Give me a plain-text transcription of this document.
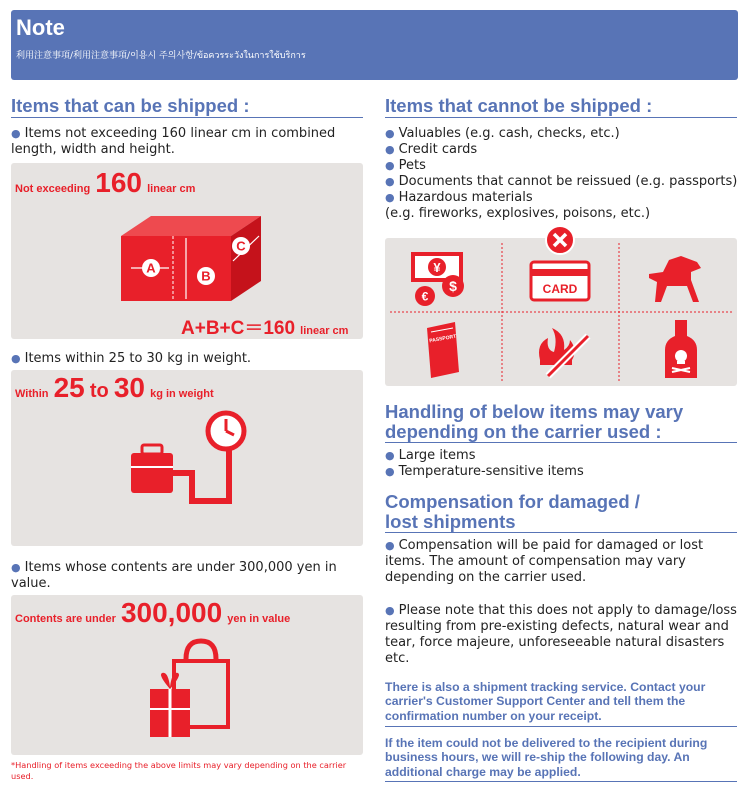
Note
利用注意事項/利用注意事項/이용시 주의사항/ข้อควรระวังในการใช้บริการ
Items that can be shipped :
● Items not exceeding 160 linear cm in combined length, width and height.
Not exceeding 160 linear cm
A
B
C
A+B+C＝160 linear cm
● Items within 25 to 30 kg in weight.
Within 25 to 30 kg in weight
● Items whose contents are under 300,000 yen in value.
Contents are under 300,000 yen in value
*Handling of items exceeding the above limits may vary depending on the carrier used.
Items that cannot be shipped :
● Valuables (e.g. cash, checks, etc.)
● Credit cards
● Pets
● Documents that cannot be reissued (e.g. passports)
● Hazardous materials
(e.g. fireworks, explosives, poisons, etc.)
¥
$
€
CARD
PASSPORT
Handling of below items may vary
depending on the carrier used :
● Large items
● Temperature-sensitive items
Compensation for damaged /
lost shipments
● Compensation will be paid for damaged or lost items. The amount of compensation may vary depending on the carrier used.
● Please note that this does not apply to damage/loss resulting from pre-existing defects, natural wear and tear, force majeure, unforeseeable natural disasters etc.
There is also a shipment tracking service. Contact your carrier's Customer Support Center and tell them the confirmation number on your receipt.
If the item could not be delivered to the recipient during business hours, we will re-ship the following day. An additional charge may be applied.
